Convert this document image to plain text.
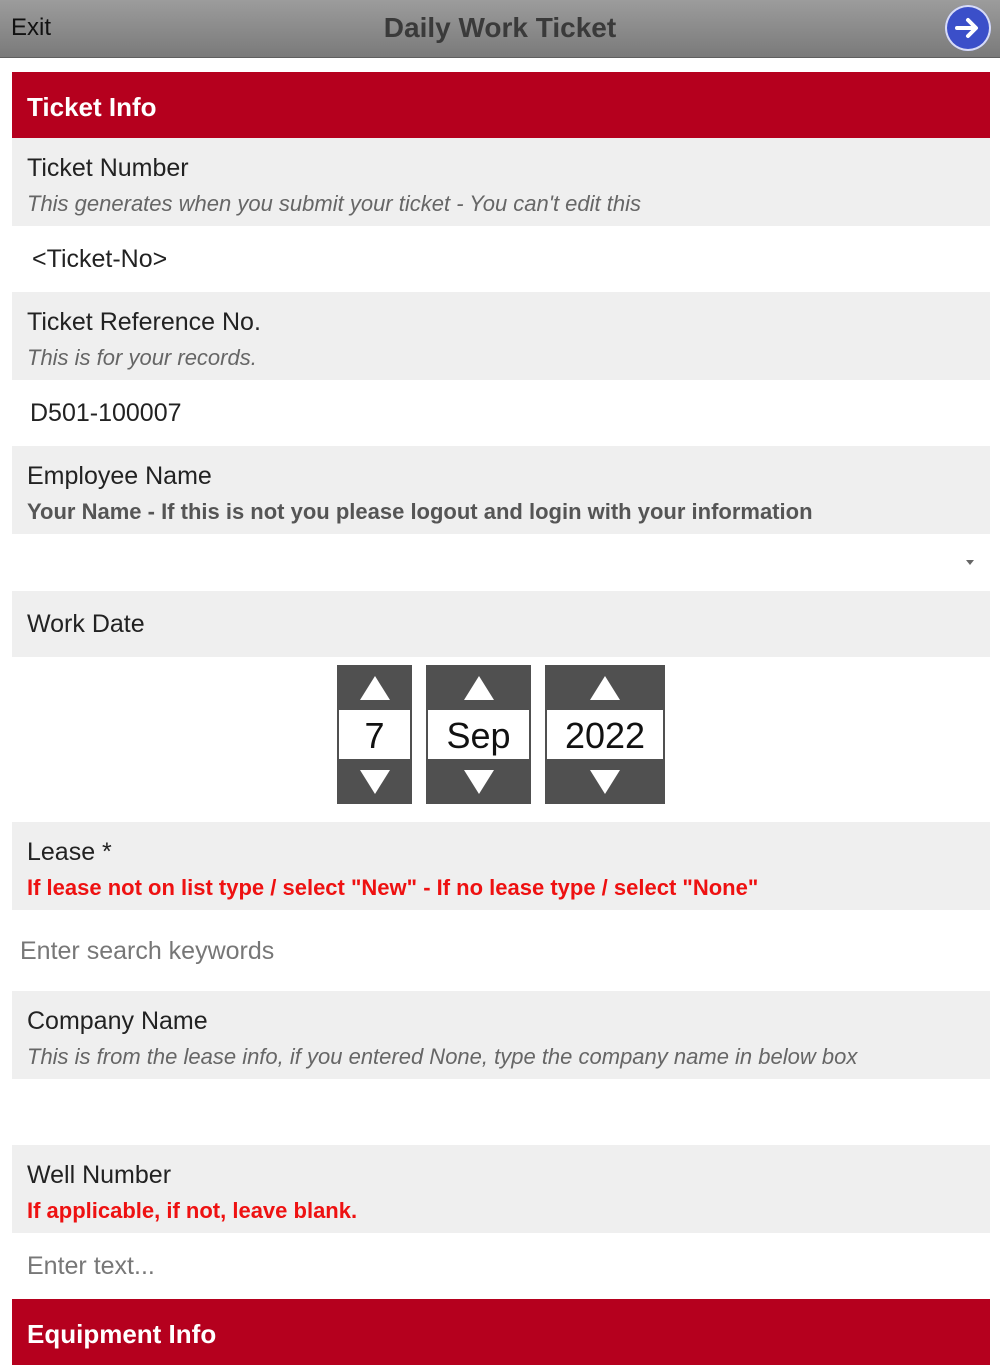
Exit	Daily Work Ticket
Ticket Info
Ticket Number
This generates when you submit your ticket - You can't edit this
<Ticket-No>
Ticket Reference No.
This is for your records.
D501-100007
Employee Name
Your Name - If this is not you please logout and login with your information
Work Date
7	Sep	2022
Lease *
If lease not on list type / select "New" - If no lease type / select "None"
Enter search keywords
Company Name
This is from the lease info, if you entered None, type the company name in below box
Well Number
If applicable, if not, leave blank.
Enter text...
Equipment Info
